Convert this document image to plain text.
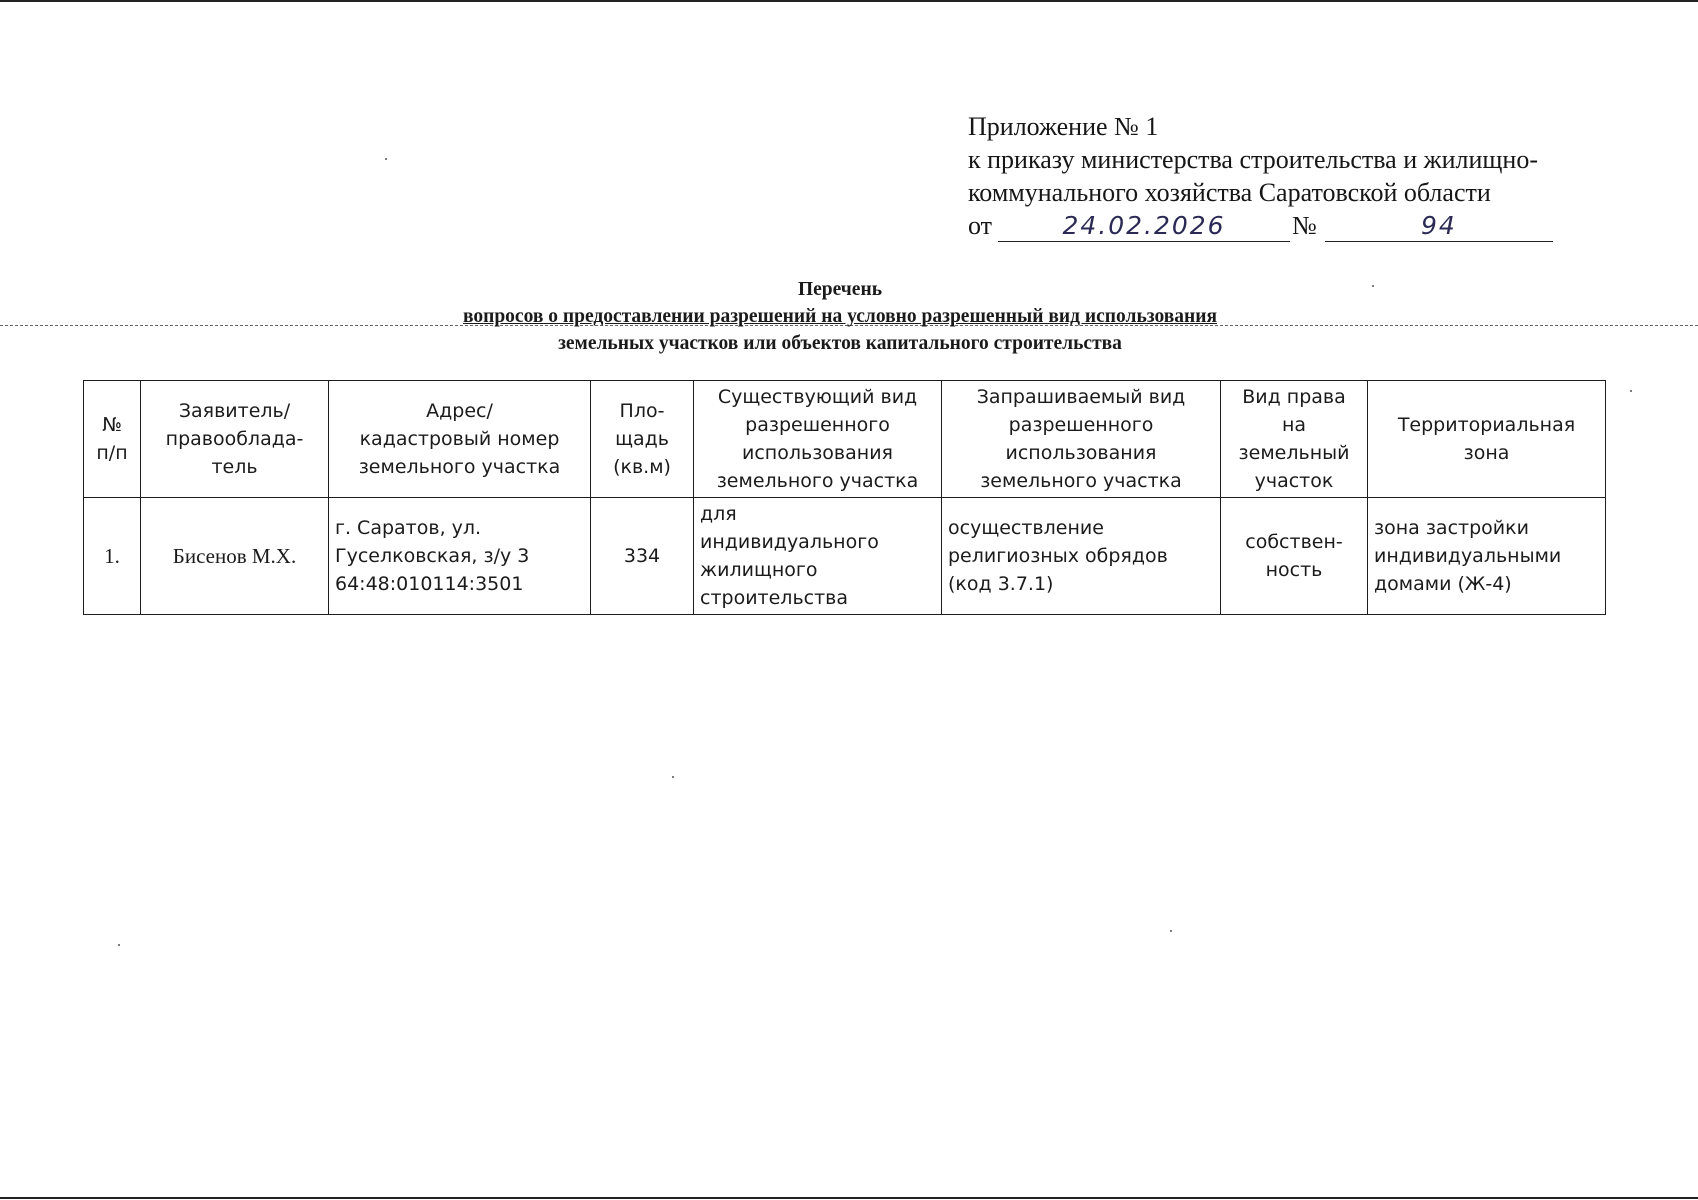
Приложение № 1
к приказу министерства строительства и жилищно-
коммунального хозяйства Саратовской области
от	24.02.2026	№	94
Перечень
вопросов о предоставлении разрешений на условно разрешенный вид использования
земельных участков или объектов капитального строительства
№
п/п	Заявитель/
правооблада-
тель	Адрес/
кадастровый номер
земельного участка	Пло-
щадь
(кв.м)	Существующий вид
разрешенного
использования
земельного участка	Запрашиваемый вид
разрешенного
использования
земельного участка	Вид права
на
земельный
участок	Территориальная
зона
1.	Бисенов М.Х.	г. Саратов, ул.
Гуселковская, з/у 3
64:48:010114:3501	334	для
индивидуального
жилищного
строительства	осуществление
религиозных обрядов
(код 3.7.1)	собствен-
ность	зона застройки
индивидуальными
домами (Ж-4)
